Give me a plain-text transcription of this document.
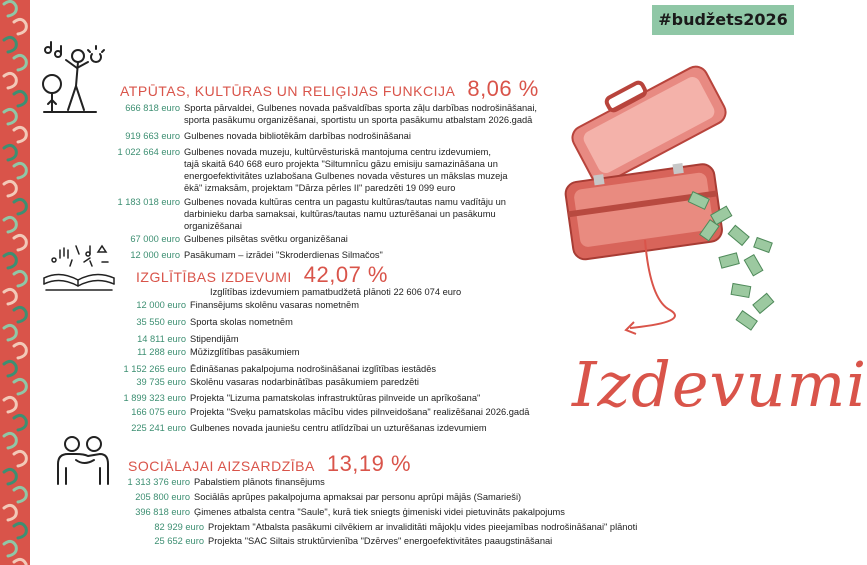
#budžets2026
ATPŪTAS, KULTŪRAS UN RELIĢIJAS FUNKCIJA 8,06 %
666 818 euro Sporta pārvaldei, Gulbenes novada pašvaldības sporta zāļu darbības nodrošināšanai,
sporta pasākumu organizēšanai, sportistu un sporta pasākumu atbalstam 2026.gadā
919 663 euro Gulbenes novada bibliotēkām darbības nodrošināšanai
1 022 664 euro Gulbenes novada muzeju, kultūrvēsturiskā mantojuma centru izdevumiem,
tajā skaitā 640 668 euro projekta "Siltumnīcu gāzu emisiju samazināšana un
energoefektivitātes uzlabošana Gulbenes novada vēstures un mākslas muzeja
ēkā" izmaksām, projektam "Dārza pērles II" paredzēti 19 099 euro
1 183 018 euro Gulbenes novada kultūras centra un pagastu kultūras/tautas namu vadītāju un
darbinieku darba samaksai, kultūras/tautas namu uzturēšanai un pasākumu
organizēšanai
67 000 euro Gulbenes pilsētas svētku organizēšanai
12 000 euro Pasākumam – izrādei "Skroderdienas Silmačos"
IZGLĪTĪBAS IZDEVUMI 42,07 %
Izglītības izdevumiem pamatbudžetā plānoti 22 606 074 euro
12 000 euro Finansējums skolēnu vasaras nometnēm
35 550 euro Sporta skolas nometnēm
14 811 euro Stipendijām
11 288 euro Mūžizglītības pasākumiem
1 152 265 euro Ēdināšanas pakalpojuma nodrošināšanai izglītības iestādēs
39 735 euro Skolēnu vasaras nodarbinātības pasākumiem paredzēti
1 899 323 euro Projekta "Lizuma pamatskolas infrastruktūras pilnveide un aprīkošana"
166 075 euro Projekta "Sveķu pamatskolas mācību vides pilnveidošana" realizēšanai 2026.gadā
225 241 euro Gulbenes novada jauniešu centru atlīdzībai un uzturēšanas izdevumiem
SOCIĀLAJAI AIZSARDZĪBA 13,19 %
1 313 376 euro Pabalstiem plānots finansējums
205 800 euro Sociālās aprūpes pakalpojuma apmaksai par personu aprūpi mājās (Samarieši)
396 818 euro Ģimenes atbalsta centra "Saule", kurā tiek sniegts ģimeniski videi pietuvināts pakalpojums
82 929 euro Projektam "Atbalsta pasākumi cilvēkiem ar invaliditāti mājokļu vides pieejamības nodrošināšanai" plānoti
25 652 euro Projekta "SAC Siltais struktūrvienība "Dzērves" energoefektivitātes paaugstināšanai
Izdevumi
